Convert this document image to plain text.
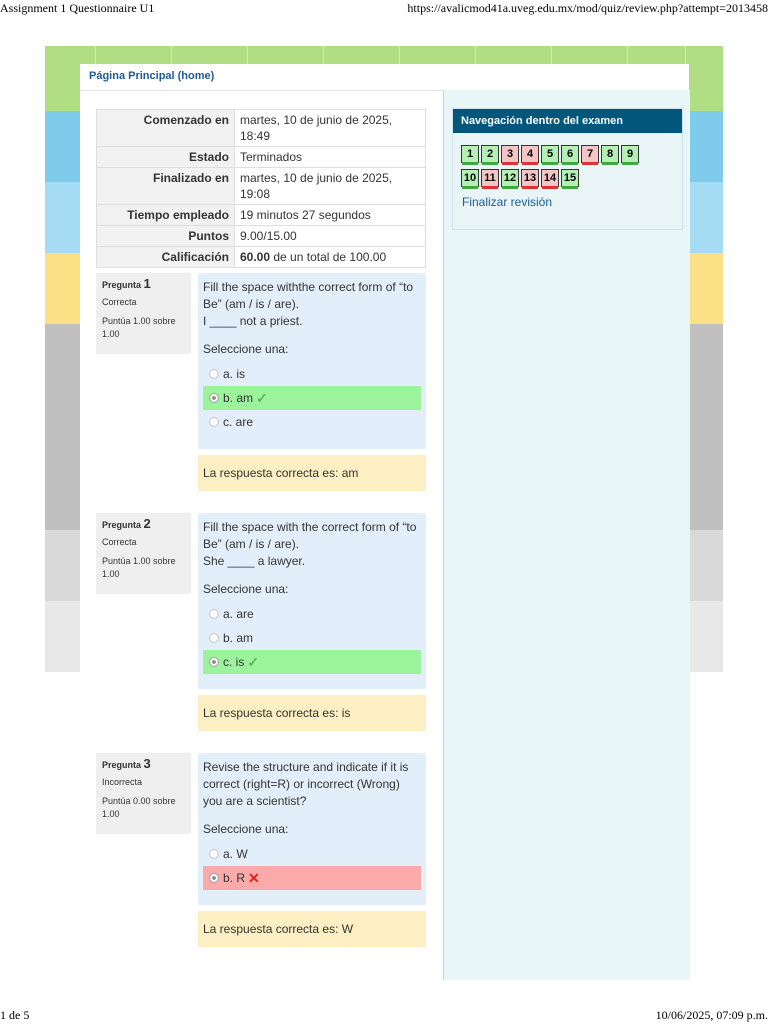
Assignment 1 Questionnaire U1	https://avalicmod41a.uveg.edu.mx/mod/quiz/review.php?attempt=2013458
Página Principal (home)
Comenzado en	martes, 10 de junio de 2025, 18:49
Estado	Terminados
Finalizado en	martes, 10 de junio de 2025, 19:08
Tiempo empleado	19 minutos 27 segundos
Puntos	9.00/15.00
Calificación	60.00 de un total de 100.00
Pregunta 1
Correcta
Puntúa 1.00 sobre 1.00
Fill the space withthe correct form of “to
Be” (am / is / are).
I ____ not a priest.
Seleccione una:
a. is
b. am ✓
c. are
La respuesta correcta es: am
Pregunta 2
Correcta
Puntúa 1.00 sobre 1.00
Fill the space with the correct form of “to
Be” (am / is / are).
She ____ a lawyer.
Seleccione una:
a. are
b. am
c. is ✓
La respuesta correcta es: is
Pregunta 3
Incorrecta
Puntúa 0.00 sobre 1.00
Revise the structure and indicate if it is
correct (right=R) or incorrect (Wrong)
you are a scientist?
Seleccione una:
a. W
b. R ✕
La respuesta correcta es: W
Navegación dentro del examen
1 2 3 4 5 6 7 8 9
10 11 12 13 14 15
Finalizar revisión
1 de 5	10/06/2025, 07:09 p.m.
